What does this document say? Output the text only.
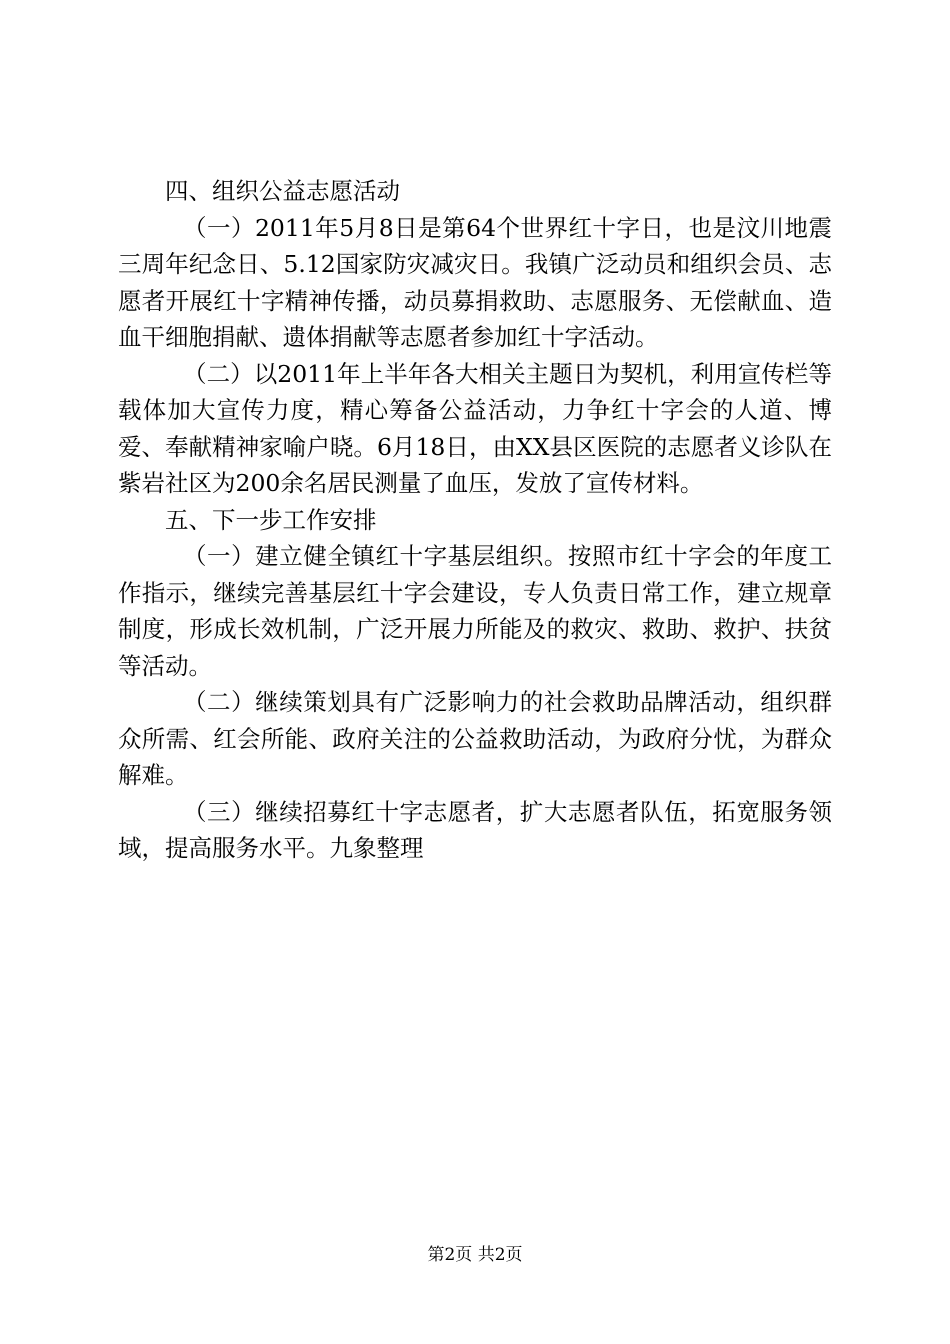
四、组织公益志愿活动

（一）2011年5月8日是第64个世界红十字日，也是汶川地震三周年纪念日、5.12国家防灾减灾日。我镇广泛动员和组织会员、志愿者开展红十字精神传播，动员募捐救助、志愿服务、无偿献血、造血干细胞捐献、遗体捐献等志愿者参加红十字活动。

（二）以2011年上半年各大相关主题日为契机，利用宣传栏等载体加大宣传力度，精心筹备公益活动，力争红十字会的人道、博爱、奉献精神家喻户晓。6月18日，由XX县区医院的志愿者义诊队在紫岩社区为200余名居民测量了血压，发放了宣传材料。

五、下一步工作安排

（一）建立健全镇红十字基层组织。按照市红十字会的年度工作指示，继续完善基层红十字会建设，专人负责日常工作，建立规章制度，形成长效机制，广泛开展力所能及的救灾、救助、救护、扶贫等活动。

（二）继续策划具有广泛影响力的社会救助品牌活动，组织群众所需、红会所能、政府关注的公益救助活动，为政府分忧，为群众解难。

（三）继续招募红十字志愿者，扩大志愿者队伍，拓宽服务领域，提高服务水平。九象整理

第2页 共2页
